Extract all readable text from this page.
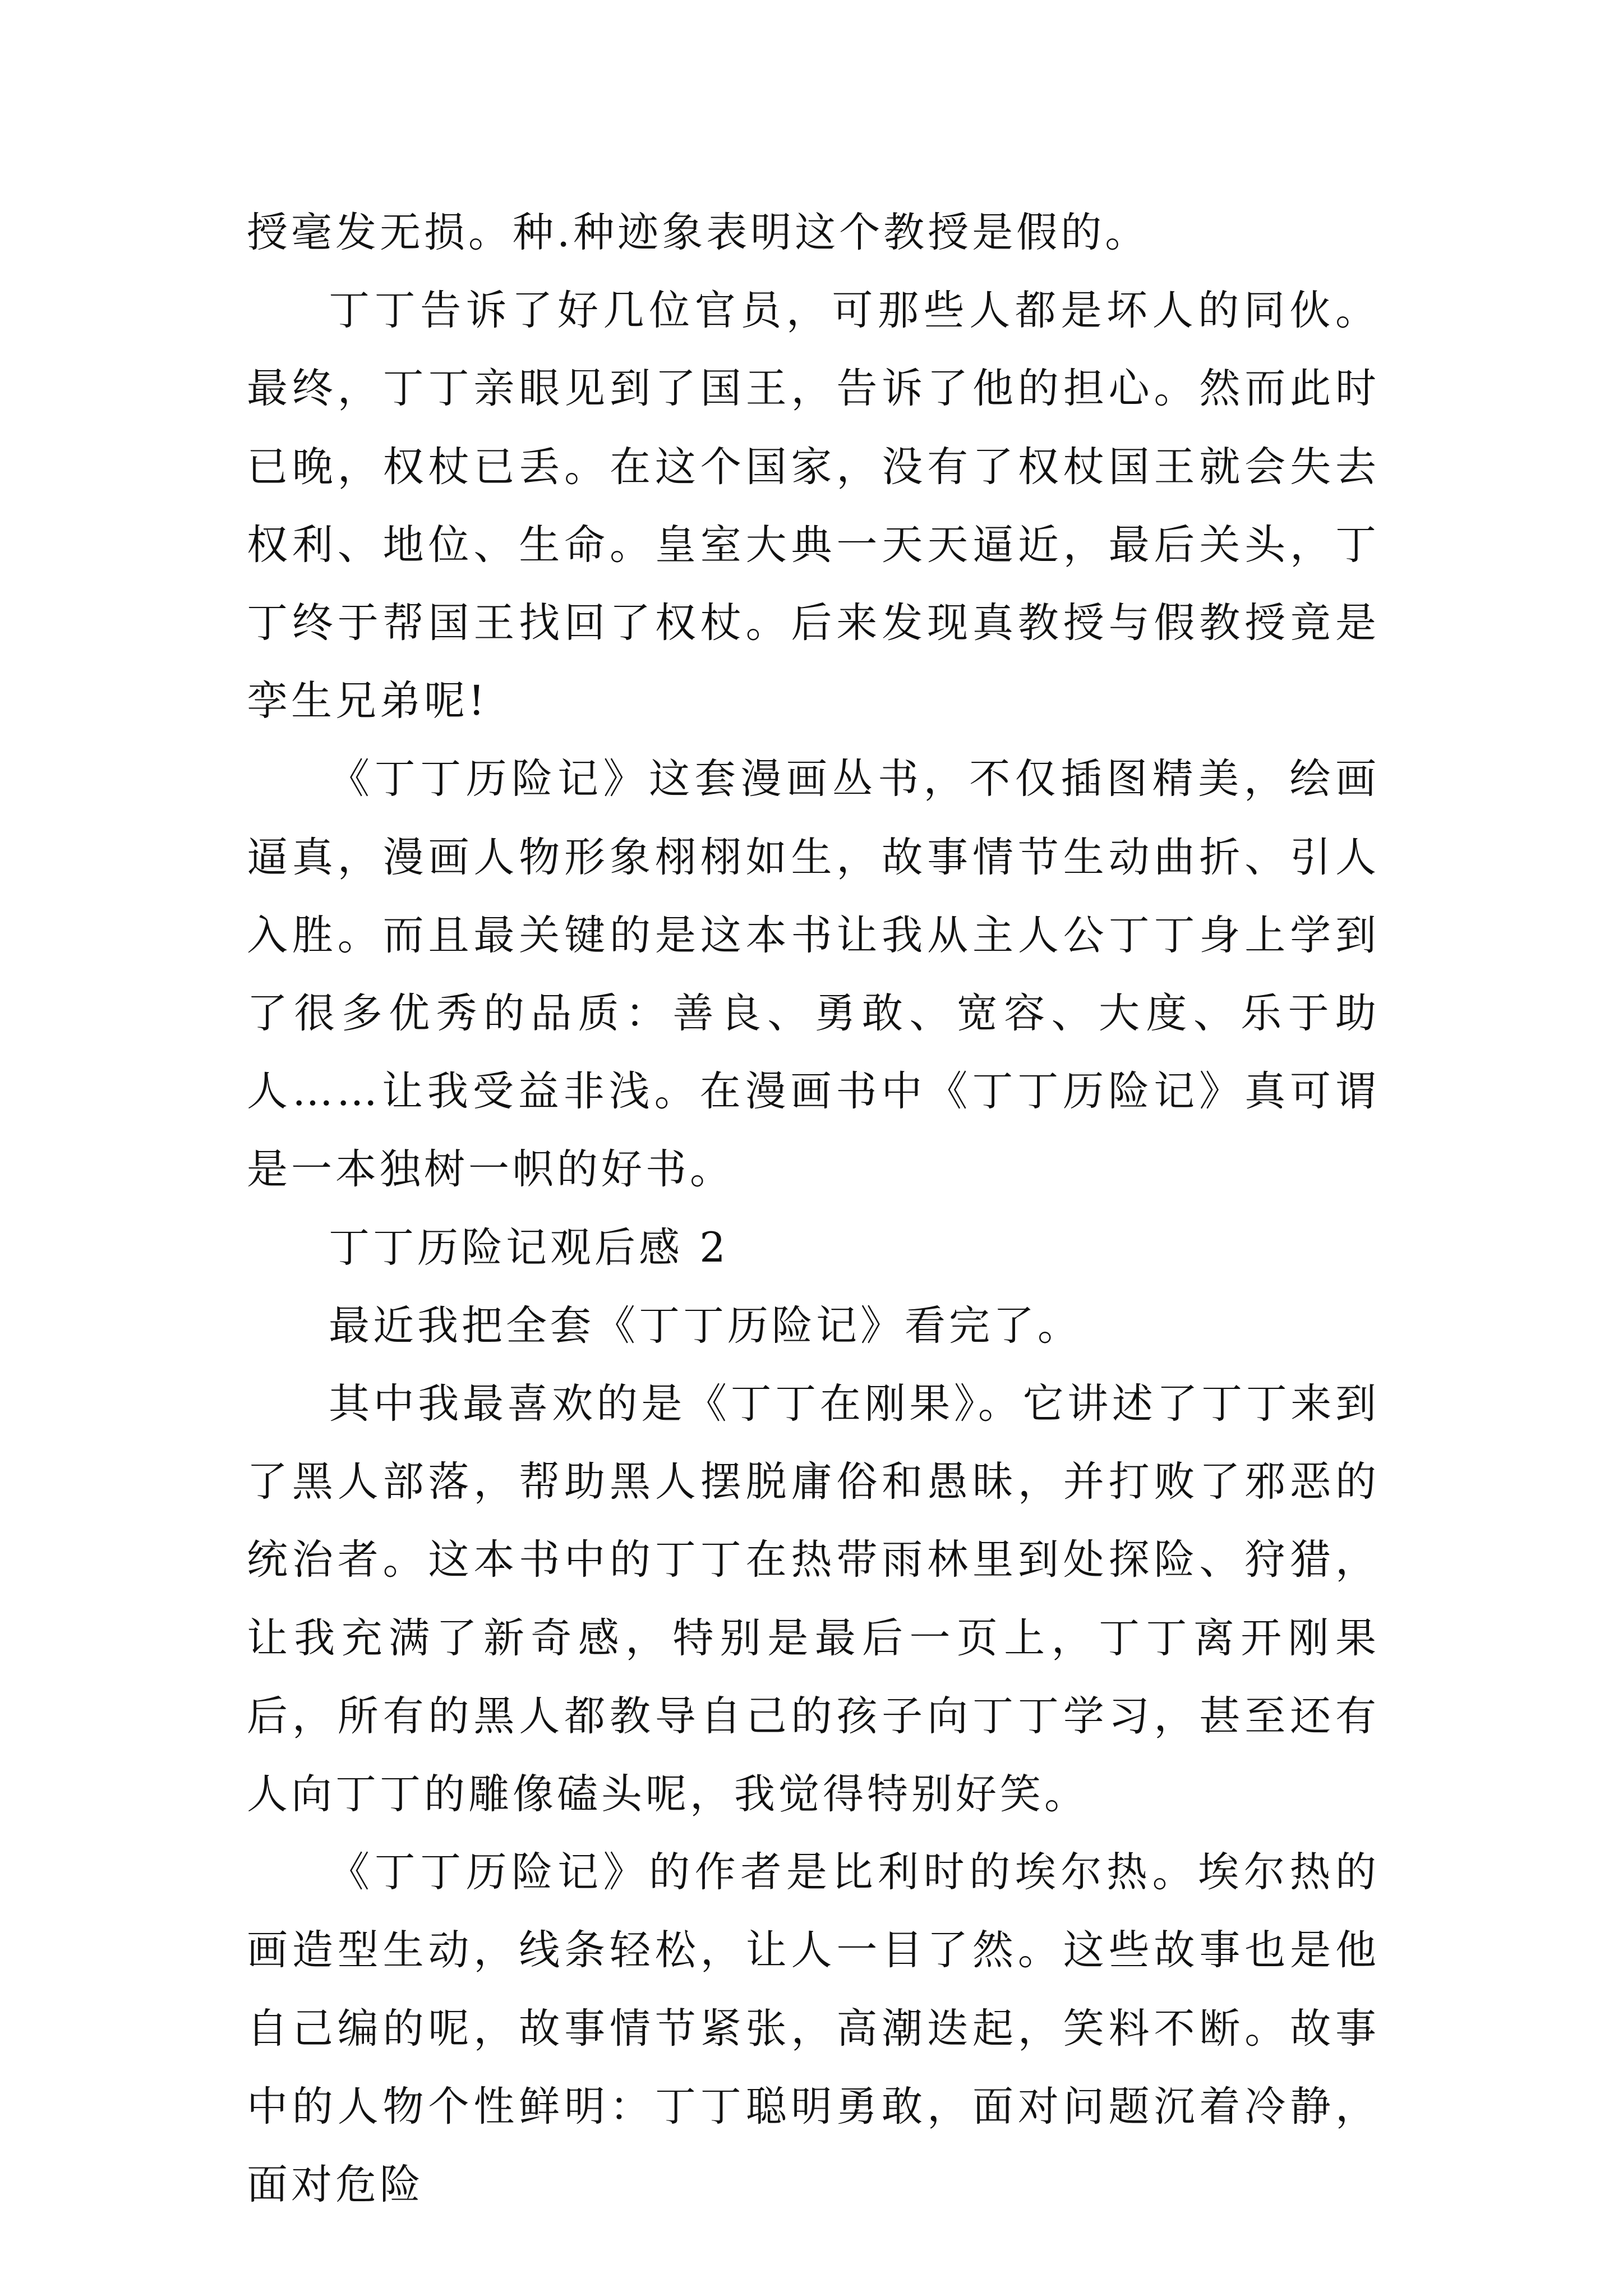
授毫发无损。种.种迹象表明这个教授是假的。

丁丁告诉了好几位官员，可那些人都是坏人的同伙。最终，丁丁亲眼见到了国王，告诉了他的担心。然而此时已晚，权杖已丢。在这个国家，没有了权杖国王就会失去权利、地位、生命。皇室大典一天天逼近，最后关头，丁丁终于帮国王找回了权杖。后来发现真教授与假教授竟是孪生兄弟呢!

《丁丁历险记》这套漫画丛书，不仅插图精美，绘画逼真，漫画人物形象栩栩如生，故事情节生动曲折、引人入胜。而且最关键的是这本书让我从主人公丁丁身上学到了很多优秀的品质：善良、勇敢、宽容、大度、乐于助人……让我受益非浅。在漫画书中《丁丁历险记》真可谓是一本独树一帜的好书。

丁丁历险记观后感 2

最近我把全套《丁丁历险记》看完了。

其中我最喜欢的是《丁丁在刚果》。它讲述了丁丁来到了黑人部落，帮助黑人摆脱庸俗和愚昧，并打败了邪恶的统治者。这本书中的丁丁在热带雨林里到处探险、狩猎，让我充满了新奇感，特别是最后一页上，丁丁离开刚果后，所有的黑人都教导自己的孩子向丁丁学习，甚至还有人向丁丁的雕像磕头呢，我觉得特别好笑。

《丁丁历险记》的作者是比利时的埃尔热。埃尔热的画造型生动，线条轻松，让人一目了然。这些故事也是他自己编的呢，故事情节紧张，高潮迭起，笑料不断。故事中的人物个性鲜明：丁丁聪明勇敢，面对问题沉着冷静，面对危险
